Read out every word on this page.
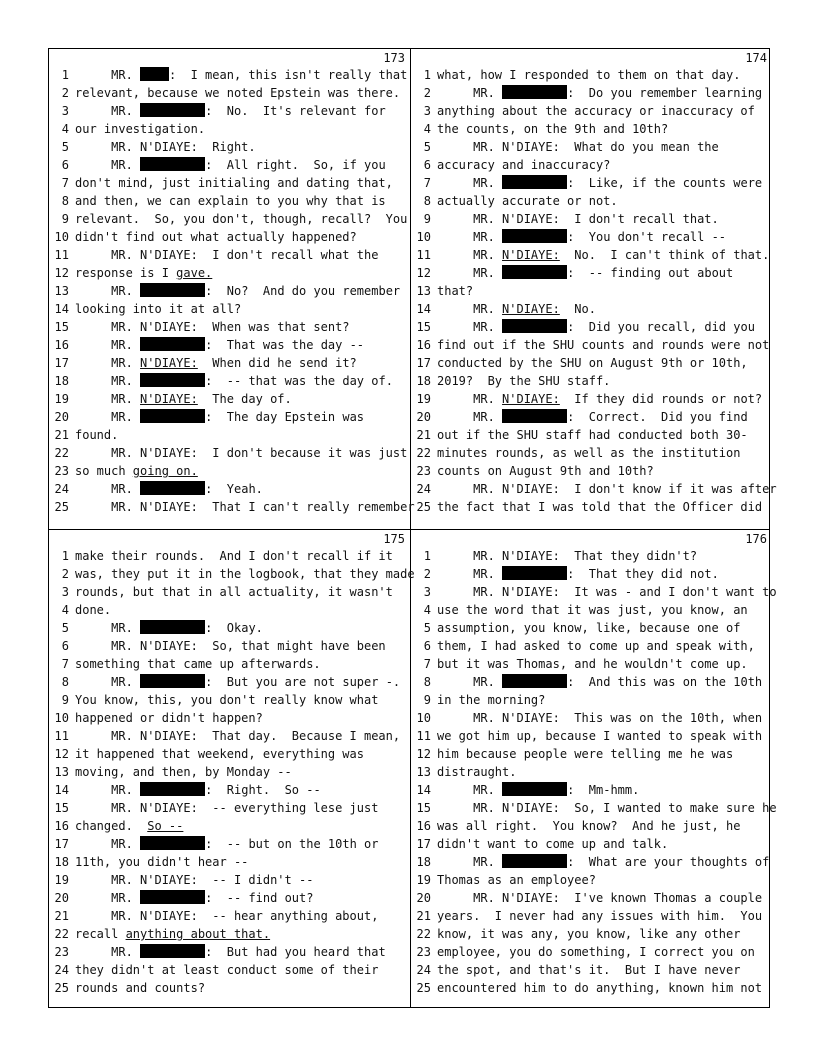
173
1 MR. :  I mean, this isn't really that
2 relevant, because we noted Epstein was there.
3 MR.	:  No.  It's relevant for
4 our investigation.
5 MR. N'DIAYE:  Right.
6 MR.	:  All right.  So, if you
7 don't mind, just initialing and dating that,
8 and then, we can explain to you why that is
9 relevant.  So, you don't, though, recall?  You
10 didn't find out what actually happened?
11 MR. N'DIAYE:  I don't recall what the
12 response is I gave.
13 MR.	:  No?  And do you remember
14 looking into it at all?
15 MR. N'DIAYE:  When was that sent?
16 MR.	:  That was the day --
17 MR. N'DIAYE:  When did he send it?
18 MR.	:  -- that was the day of.
19 MR. N'DIAYE:  The day of.
20 MR.	:  The day Epstein was
21 found.
22 MR. N'DIAYE:  I don't because it was just
23 so much going on.
24 MR.	:  Yeah.
25 MR. N'DIAYE:  That I can't really remember
174
1 what, how I responded to them on that day.
2 MR.	:  Do you remember learning
3 anything about the accuracy or inaccuracy of
4 the counts, on the 9th and 10th?
5 MR. N'DIAYE:  What do you mean the
6 accuracy and inaccuracy?
7 MR.	:  Like, if the counts were
8 actually accurate or not.
9 MR. N'DIAYE:  I don't recall that.
10 MR.	:  You don't recall --
11 MR. N'DIAYE:  No.  I can't think of that.
12 MR.	:  -- finding out about
13 that?
14 MR. N'DIAYE:  No.
15 MR.	:  Did you recall, did you
16 find out if the SHU counts and rounds were not
17 conducted by the SHU on August 9th or 10th,
18 2019?  By the SHU staff.
19 MR. N'DIAYE:  If they did rounds or not?
20 MR.	:  Correct.  Did you find
21 out if the SHU staff had conducted both 30-
22 minutes rounds, as well as the institution
23 counts on August 9th and 10th?
24 MR. N'DIAYE:  I don't know if it was after
25 the fact that I was told that the Officer did
175
1 make their rounds.  And I don't recall if it
2 was, they put it in the logbook, that they made
3 rounds, but that in all actuality, it wasn't
4 done.
5 MR.	:  Okay.
6 MR. N'DIAYE:  So, that might have been
7 something that came up afterwards.
8 MR.	:  But you are not super -.
9 You know, this, you don't really know what
10 happened or didn't happen?
11 MR. N'DIAYE:  That day.  Because I mean,
12 it happened that weekend, everything was
13 moving, and then, by Monday --
14 MR.	:  Right.  So --
15 MR. N'DIAYE:  -- everything lese just
16 changed.  So --
17 MR.	:  -- but on the 10th or
18 11th, you didn't hear --
19 MR. N'DIAYE:  -- I didn't --
20 MR.	:  -- find out?
21 MR. N'DIAYE:  -- hear anything about,
22 recall anything about that.
23 MR.	:  But had you heard that
24 they didn't at least conduct some of their
25 rounds and counts?
176
1 MR. N'DIAYE:  That they didn't?
2 MR.	:  That they did not.
3 MR. N'DIAYE:  It was - and I don't want to
4 use the word that it was just, you know, an
5 assumption, you know, like, because one of
6 them, I had asked to come up and speak with,
7 but it was Thomas, and he wouldn't come up.
8 MR.	:  And this was on the 10th
9 in the morning?
10 MR. N'DIAYE:  This was on the 10th, when
11 we got him up, because I wanted to speak with
12 him because people were telling me he was
13 distraught.
14 MR.	:  Mm-hmm.
15 MR. N'DIAYE:  So, I wanted to make sure he
16 was all right.  You know?  And he just, he
17 didn't want to come up and talk.
18 MR.	:  What are your thoughts of
19 Thomas as an employee?
20 MR. N'DIAYE:  I've known Thomas a couple
21 years.  I never had any issues with him.  You
22 know, it was any, you know, like any other
23 employee, you do something, I correct you on
24 the spot, and that's it.  But I have never
25 encountered him to do anything, known him not
